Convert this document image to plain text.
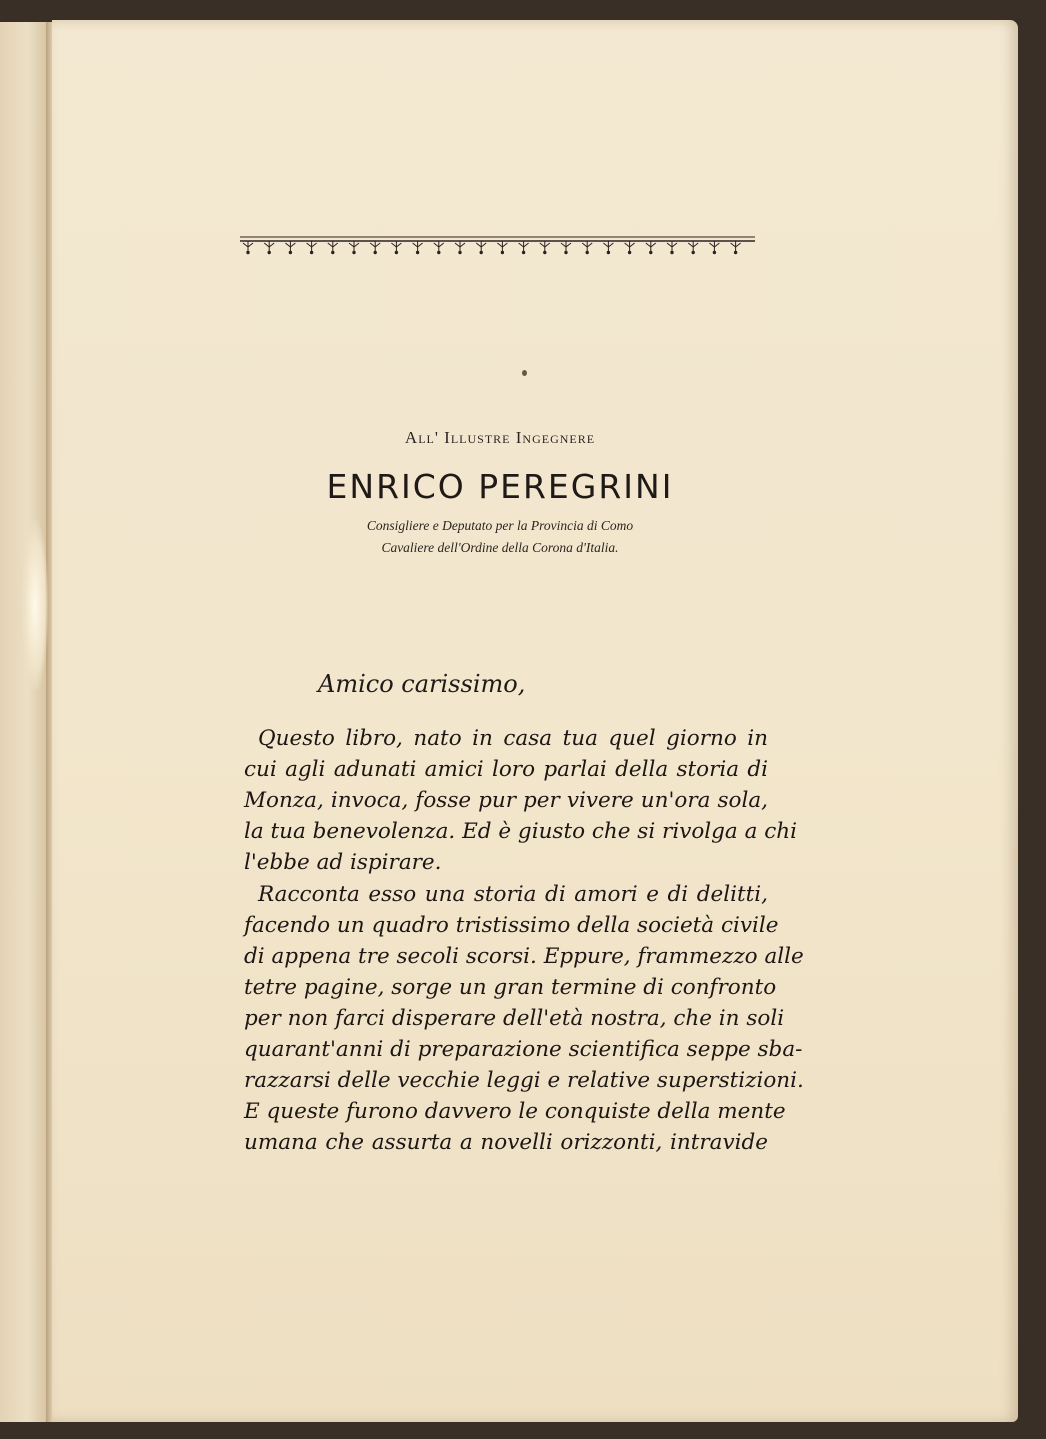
All' Illustre Ingegnere
ENRICO PEREGRINI
Consigliere e Deputato per la Provincia di Como
Cavaliere dell'Ordine della Corona d'Italia.
Amico carissimo,
Questo libro, nato in casa tua quel giorno in
cui agli adunati amici loro parlai della storia di
Monza, invoca, fosse pur per vivere un'ora sola,
la tua benevolenza. Ed è giusto che si rivolga a chi
l'ebbe ad ispirare.
Racconta esso una storia di amori e di delitti,
facendo un quadro tristissimo della società civile
di appena tre secoli scorsi. Eppure, frammezzo alle
tetre pagine, sorge un gran termine di confronto
per non farci disperare dell'età nostra, che in soli
quarant'anni di preparazione scientifica seppe sba-
razzarsi delle vecchie leggi e relative superstizioni.
E queste furono davvero le conquiste della mente
umana che assurta a novelli orizzonti, intravide
